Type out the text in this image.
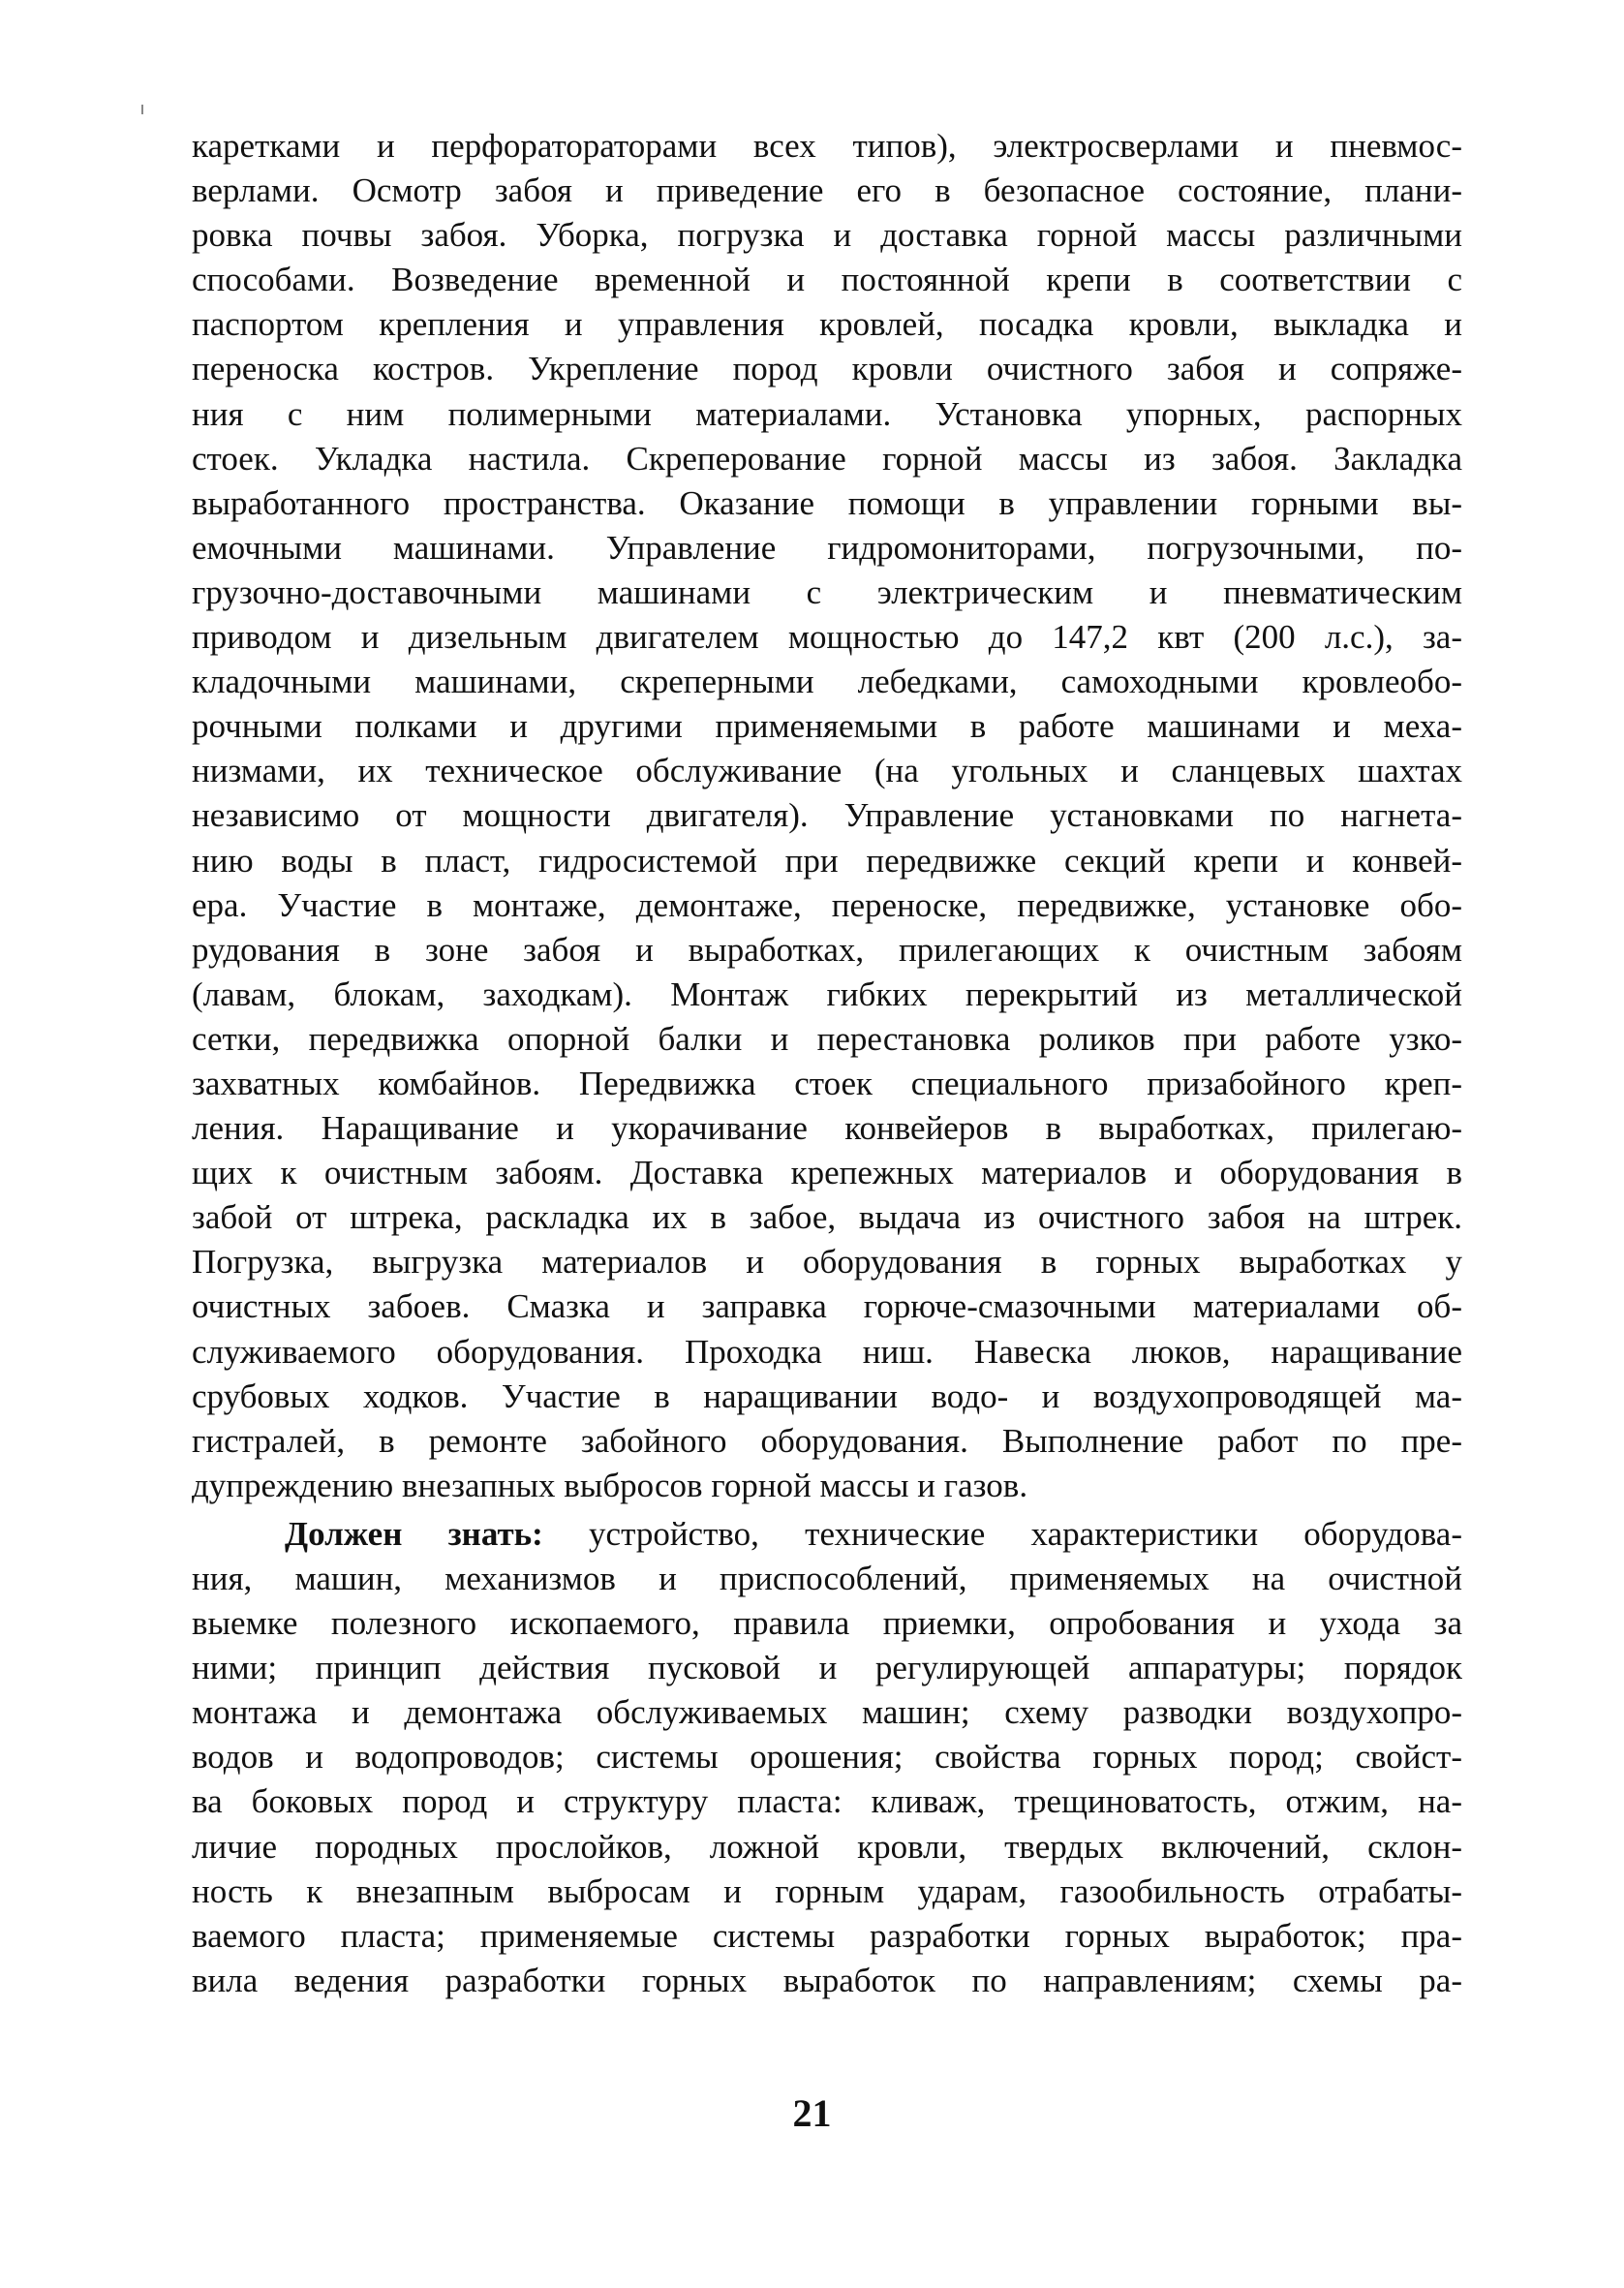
каретками и перфоратораторами всех типов), электросверлами и пневмос-
верлами. Осмотр забоя и приведение его в безопасное состояние, плани-
ровка почвы забоя. Уборка, погрузка и доставка горной массы различными
способами. Возведение временной и постоянной крепи в соответствии с
паспортом крепления и управления кровлей, посадка кровли, выкладка и
переноска костров. Укрепление пород кровли очистного забоя и сопряже-
ния с ним полимерными материалами. Установка упорных, распорных
стоек. Укладка настила. Скреперование горной массы из забоя. Закладка
выработанного пространства. Оказание помощи в управлении горными вы-
емочными машинами. Управление гидромониторами, погрузочными, по-
грузочно-доставочными машинами с электрическим и пневматическим
приводом и дизельным двигателем мощностью до 147,2 квт (200 л.с.), за-
кладочными машинами, скреперными лебедками, самоходными кровлеобо-
рочными полками и другими применяемыми в работе машинами и меха-
низмами, их техническое обслуживание (на угольных и сланцевых шахтах
независимо от мощности двигателя). Управление установками по нагнета-
нию воды в пласт, гидросистемой при передвижке секций крепи и конвей-
ера. Участие в монтаже, демонтаже, переноске, передвижке, установке обо-
рудования в зоне забоя и выработках, прилегающих к очистным забоям
(лавам, блокам, заходкам). Монтаж гибких перекрытий из металлической
сетки, передвижка опорной балки и перестановка роликов при работе узко-
захватных комбайнов. Передвижка стоек специального призабойного креп-
ления. Наращивание и укорачивание конвейеров в выработках, прилегаю-
щих к очистным забоям. Доставка крепежных материалов и оборудования в
забой от штрека, раскладка их в забое, выдача из очистного забоя на штрек.
Погрузка, выгрузка материалов и оборудования в горных выработках у
очистных забоев. Смазка и заправка горюче-смазочными материалами об-
служиваемого оборудования. Проходка ниш. Навеска люков, наращивание
срубовых ходков. Участие в наращивании водо- и воздухопроводящей ма-
гистралей, в ремонте забойного оборудования. Выполнение работ по пре-
дупреждению внезапных выбросов горной массы и газов.
Должен знать: устройство, технические характеристики оборудова-
ния, машин, механизмов и приспособлений, применяемых на очистной
выемке полезного ископаемого, правила приемки, опробования и ухода за
ними; принцип действия пусковой и регулирующей аппаратуры; порядок
монтажа и демонтажа обслуживаемых машин; схему разводки воздухопро-
водов и водопроводов; системы орошения; свойства горных пород; свойст-
ва боковых пород и структуру пласта: кливаж, трещиноватость, отжим, на-
личие породных прослойков, ложной кровли, твердых включений, склон-
ность к внезапным выбросам и горным ударам, газообильность отрабаты-
ваемого пласта; применяемые системы разработки горных выработок; пра-
вила ведения разработки горных выработок по направлениям; схемы ра-
21
